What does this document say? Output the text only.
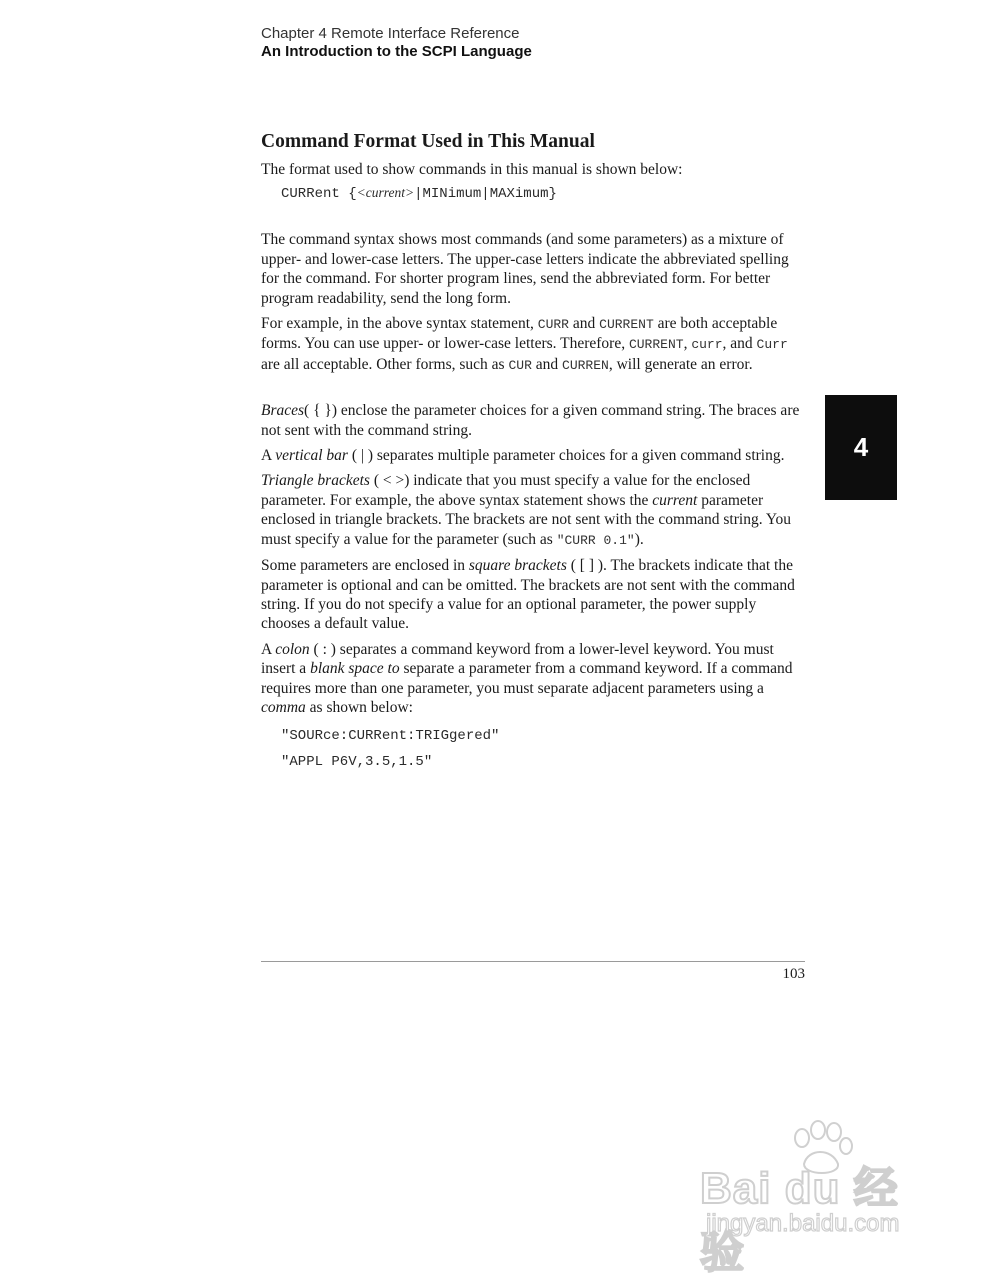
Chapter 4 Remote Interface Reference
An Introduction to the SCPI Language
Command Format Used in This Manual

The format used to show commands in this manual is shown below:

CURRent {<current>|MINimum|MAXimum}

The command syntax shows most commands (and some parameters) as a mixture of upper- and lower-case letters. The upper-case letters indicate the abbreviated spelling for the command. For shorter program lines, send the abbreviated form. For better program readability, send the long form.

For example, in the above syntax statement, CURR and CURRENT are both acceptable forms. You can use upper- or lower-case letters. Therefore, CURRENT, curr, and Curr are all acceptable. Other forms, such as CUR and CURREN, will generate an error.

Braces( { }) enclose the parameter choices for a given command string. The braces are not sent with the command string.

A vertical bar ( | ) separates multiple parameter choices for a given command string.

Triangle brackets ( < >) indicate that you must specify a value for the enclosed parameter. For example, the above syntax statement shows the current parameter enclosed in triangle brackets. The brackets are not sent with the command string. You must specify a value for the parameter (such as "CURR 0.1").

Some parameters are enclosed in square brackets ( [ ] ). The brackets indicate that the parameter is optional and can be omitted. The brackets are not sent with the command string. If you do not specify a value for an optional parameter, the power supply chooses a default value.

A colon ( : ) separates a command keyword from a lower-level keyword. You must insert a blank space to separate a parameter from a command keyword. If a command requires more than one parameter, you must separate adjacent parameters using a comma as shown below:

"SOURce:CURRent:TRIGgered"
"APPL P6V,3.5,1.5"
4
103
Bai du 经验
jingyan.baidu.com
